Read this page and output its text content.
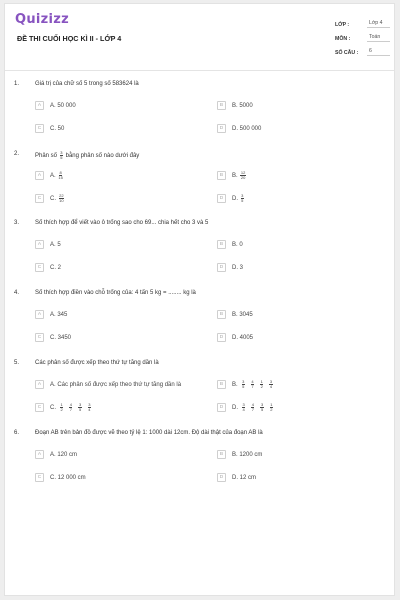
Quizizz
ĐỀ THI CUỐI HỌC KÌ II - LỚP 4
LỚP :	Lớp 4
MÔN :	Toán
SỐ CÂU :	6
1.	Giá trị của chữ số 5 trong số 583624 là
A	A. 50 000	B	B. 5000
C	C. 50	D	D. 500 000
2.	Phân số $\frac{3}{5}$ bằng phân số nào dưới đây
A	A. $\frac{8}{15}$	B	B. $\frac{12}{20}$
C	C. $\frac{22}{10}$	D	D. $\frac{3}{5}$
3.	Số thích hợp để viết vào ô trống sao cho 69... chia hết cho 3 và 5
A	A. 5	B	B. 0
C	C. 2	D	D. 3
4.	Số thích hợp điền vào chỗ trống của: 4 tấn 5 kg = ........ kg là
A	A. 345	B	B. 3045
C	C. 3450	D	D. 4005
5.	Các phân số được xếp theo thứ tự tăng dần là
A	A. Các phân số được xếp theo thứ tự tăng dần là	B	B. $\frac{3}{5} \frac{4}{7} \frac{1}{2} \frac{3}{4}$
C	C. $\frac{1}{2} \frac{4}{7} \frac{3}{5} \frac{3}{4}$	D	D. $\frac{3}{4} \frac{4}{7} \frac{3}{5} \frac{1}{2}$
6.	Đoạn AB trên bản đồ được vẽ theo tỷ lệ 1: 1000 dài 12cm. Độ dài thật của đoạn AB là
A	A. 120 cm	B	B. 1200 cm
C	C. 12 000 cm	D	D. 12 cm
